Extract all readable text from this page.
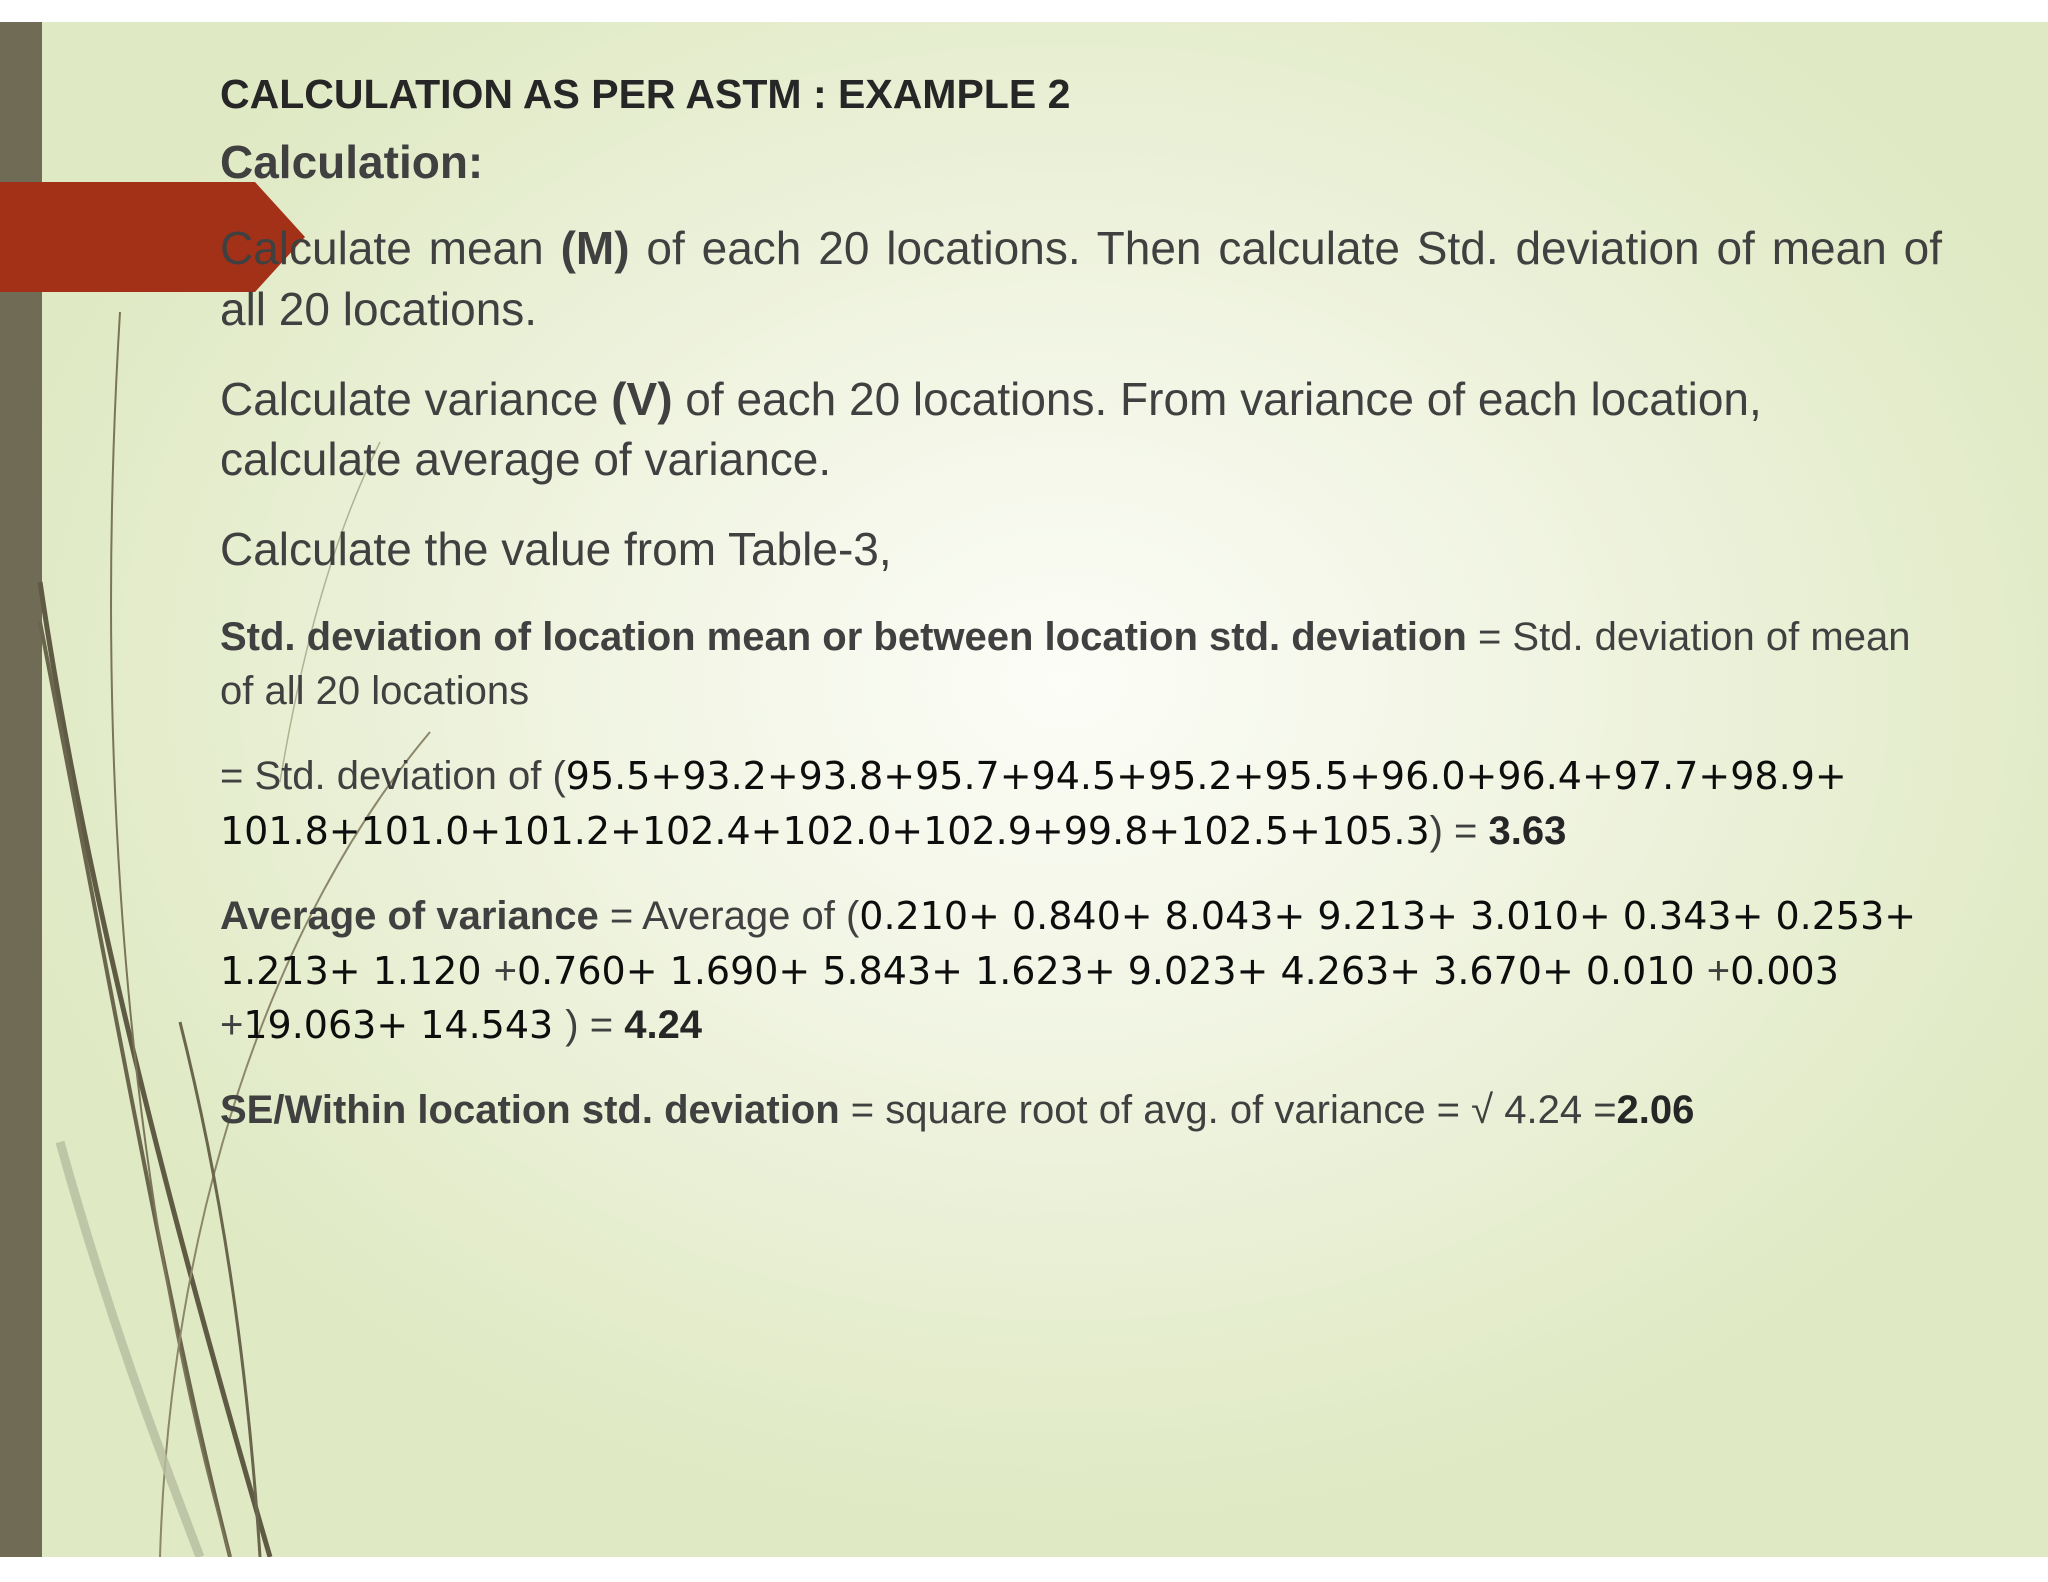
CALCULATION AS PER ASTM : EXAMPLE 2
Calculation:
Calculate mean (M) of each 20 locations. Then calculate Std. deviation of mean of all 20 locations.
Calculate variance (V) of each 20 locations. From variance of each location, calculate average of variance.
Calculate the value from Table-3,
Std. deviation of location mean or between location std. deviation = Std. deviation of mean of all 20 locations
= Std. deviation of (95.5+93.2+93.8+95.7+94.5+95.2+95.5+96.0+96.4+97.7+98.9+ 101.8+101.0+101.2+102.4+102.0+102.9+99.8+102.5+105.3) = 3.63
Average of variance = Average of (0.210+ 0.840+ 8.043+ 9.213+ 3.010+ 0.343+ 0.253+ 1.213+ 1.120 +0.760+ 1.690+ 5.843+ 1.623+ 9.023+ 4.263+ 3.670+ 0.010 +0.003 +19.063+ 14.543 ) = 4.24
SE/Within location std. deviation = square root of avg. of variance = √ 4.24 =2.06
